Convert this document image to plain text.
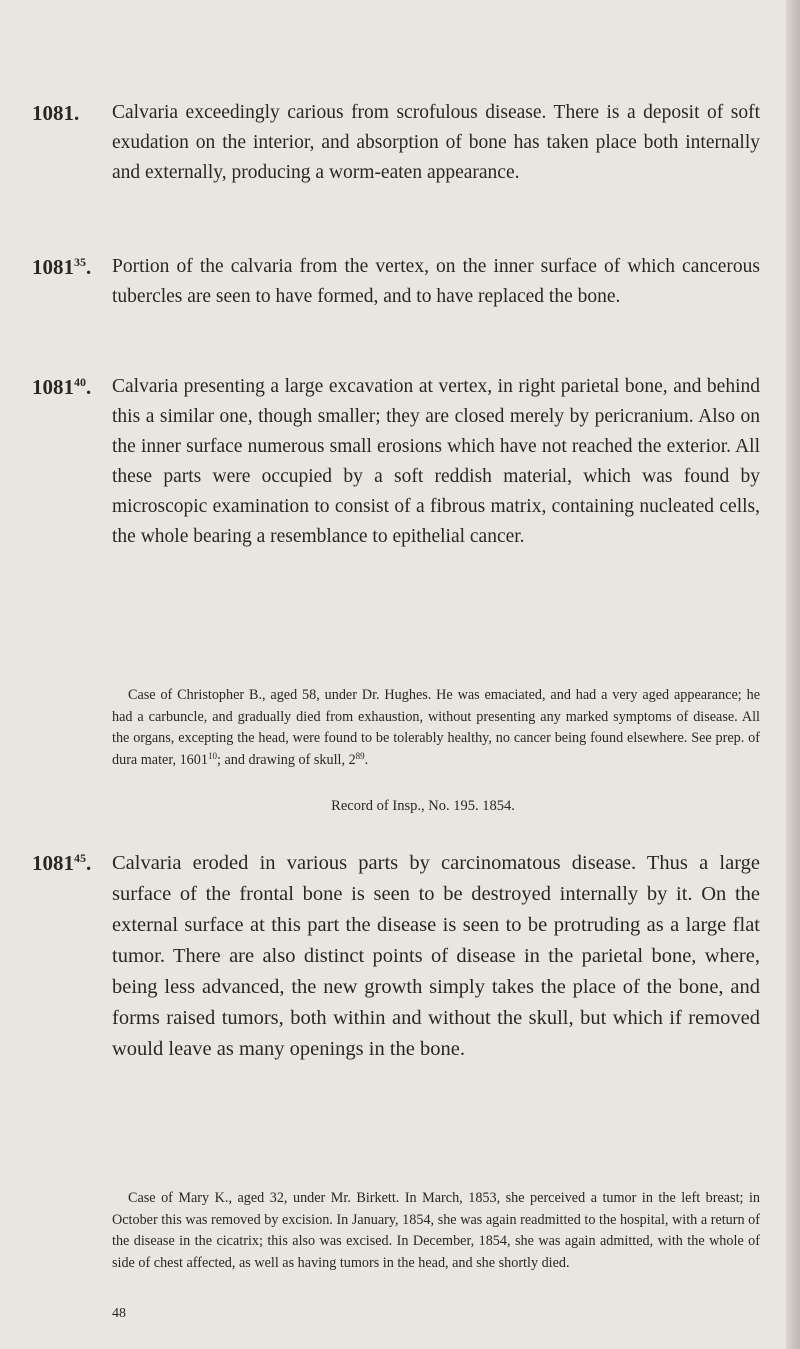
1081. Calvaria exceedingly carious from scrofulous disease. There is a deposit of soft exudation on the interior, and absorption of bone has taken place both internally and externally, producing a worm-eaten appearance.

1081$^{35}$. Portion of the calvaria from the vertex, on the inner surface of which cancerous tubercles are seen to have formed, and to have replaced the bone.

1081$^{40}$. Calvaria presenting a large excavation at vertex, in right parietal bone, and behind this a similar one, though smaller; they are closed merely by pericranium. Also on the inner surface numerous small erosions which have not reached the exterior. All these parts were occupied by a soft reddish material, which was found by microscopic examination to consist of a fibrous matrix, containing nucleated cells, the whole bearing a resemblance to epithelial cancer.

Case of Christopher B., aged 58, under Dr. Hughes. He was emaciated, and had a very aged appearance; he had a carbuncle, and gradually died from exhaustion, without presenting any marked symptoms of disease. All the organs, excepting the head, were found to be tolerably healthy, no cancer being found elsewhere. See prep. of dura mater, 1601$^{10}$; and drawing of skull, $2^{89}$.

Record of Insp., No. 195. 1854.
1081$^{45}$. Calvaria eroded in various parts by carcinomatous disease. Thus a large surface of the frontal bone is seen to be destroyed internally by it. On the external surface at this part the disease is seen to be protruding as a large flat tumor. There are also distinct points of disease in the parietal bone, where, being less advanced, the new growth simply takes the place of the bone, and forms raised tumors, both within and without the skull, but which if removed would leave as many openings in the bone.

Case of Mary K., aged 32, under Mr. Birkett. In March, 1853, she perceived a tumor in the left breast; in October this was removed by excision. In January, 1854, she was again readmitted to the hospital, with a return of the disease in the cicatrix; this also was excised. In December, 1854, she was again admitted, with the whole of side of chest affected, as well as having tumors in the head, and she shortly died.

48
